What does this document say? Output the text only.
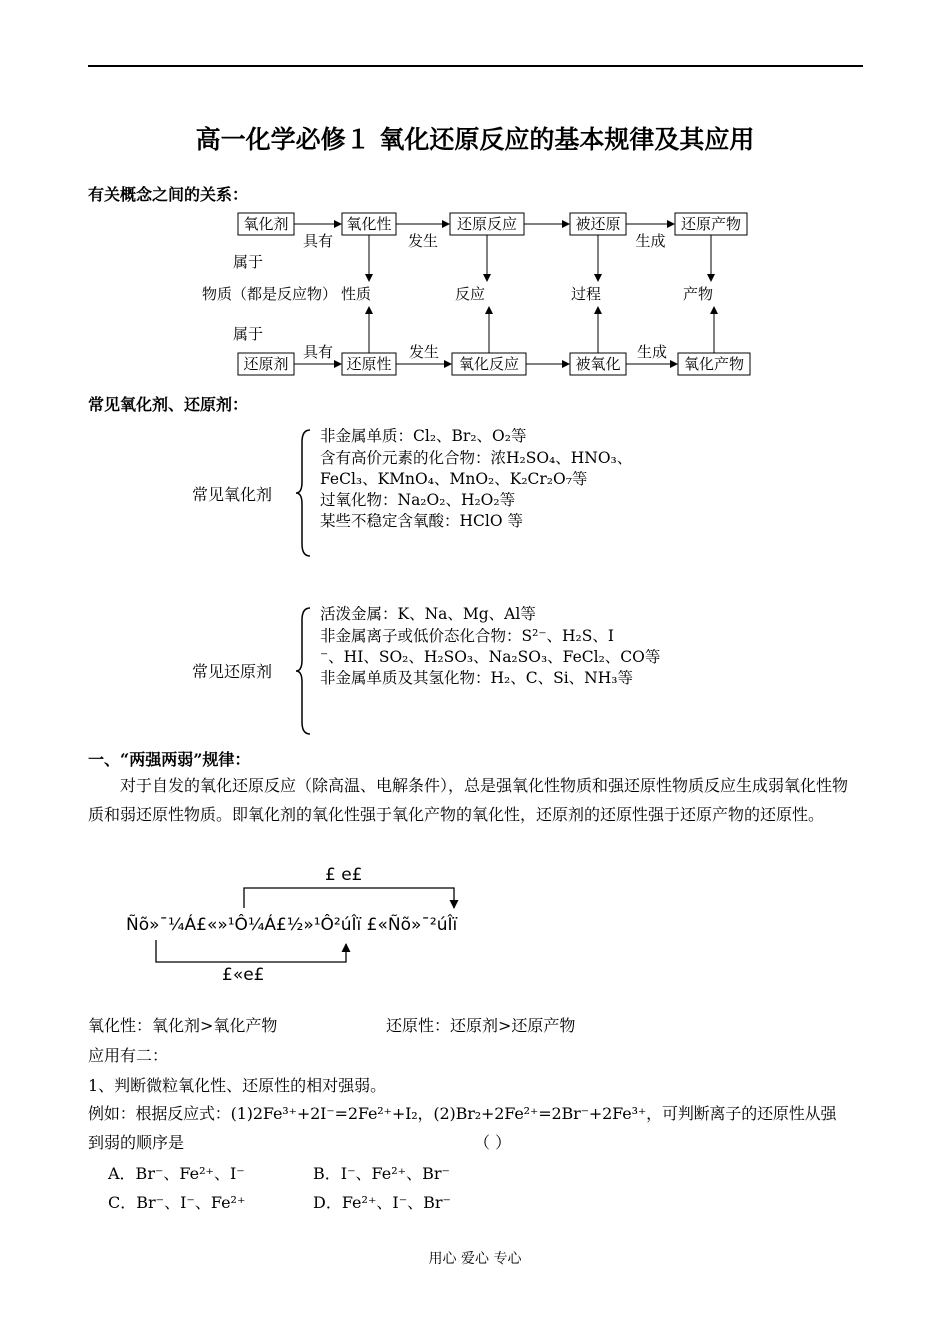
高一化学必修１ 氧化还原反应的基本规律及其应用
有关概念之间的关系：
氧化剂	氧化性	还原反应	被还原	还原产物
还原剂	还原性	氧化反应	被氧化	氧化产物
具有
具有
发生
发生
生成
生成
物质（都是反应物） 性质	反应	过程	产物
属于
属于
常见氧化剂、还原剂：
常见氧化剂
非金属单质：Cl₂、Br₂、O₂等
含有高价元素的化合物：浓H₂SO₄、HNO₃、
FeCl₃、KMnO₄、MnO₂、K₂Cr₂O₇等
过氧化物：Na₂O₂、H₂O₂等
某些不稳定含氧酸：HClO 等
常见还原剂
活泼金属：K、Na、Mg、Al等
非金属离子或低价态化合物：S²⁻、H₂S、I
⁻、HI、SO₂、H₂SO₃、Na₂SO₃、FeCl₂、CO等
非金属单质及其氢化物：H₂、C、Si、NH₃等
一、“两强两弱”规律：
对于自发的氧化还原反应（除高温、电解条件），总是强氧化性物质和强还原性物质反应生成弱氧化性物质和弱还原性物质。即氧化剂的氧化性强于氧化产物的氧化性，还原剂的还原性强于还原产物的还原性。
£ e£
Ñõ»¯¼Á£«»¹Ô¼Á£½»¹Ô²úÎï £«Ñõ»¯²úÎï
£«e£
氧化性：氧化剂>氧化产物	还原性：还原剂>还原产物
应用有二：
1、判断微粒氧化性、还原性的相对强弱。
例如：根据反应式：(1)2Fe³⁺+2I⁻=2Fe²⁺+I₂，(2)Br₂+2Fe²⁺=2Br⁻+2Fe³⁺，可判断离子的还原性从强
到弱的顺序是	（ ）
A．Br⁻、Fe²⁺、I⁻	B．I⁻、Fe²⁺、Br⁻
C．Br⁻、I⁻、Fe²⁺	D．Fe²⁺、I⁻、Br⁻
用心 爱心 专心
